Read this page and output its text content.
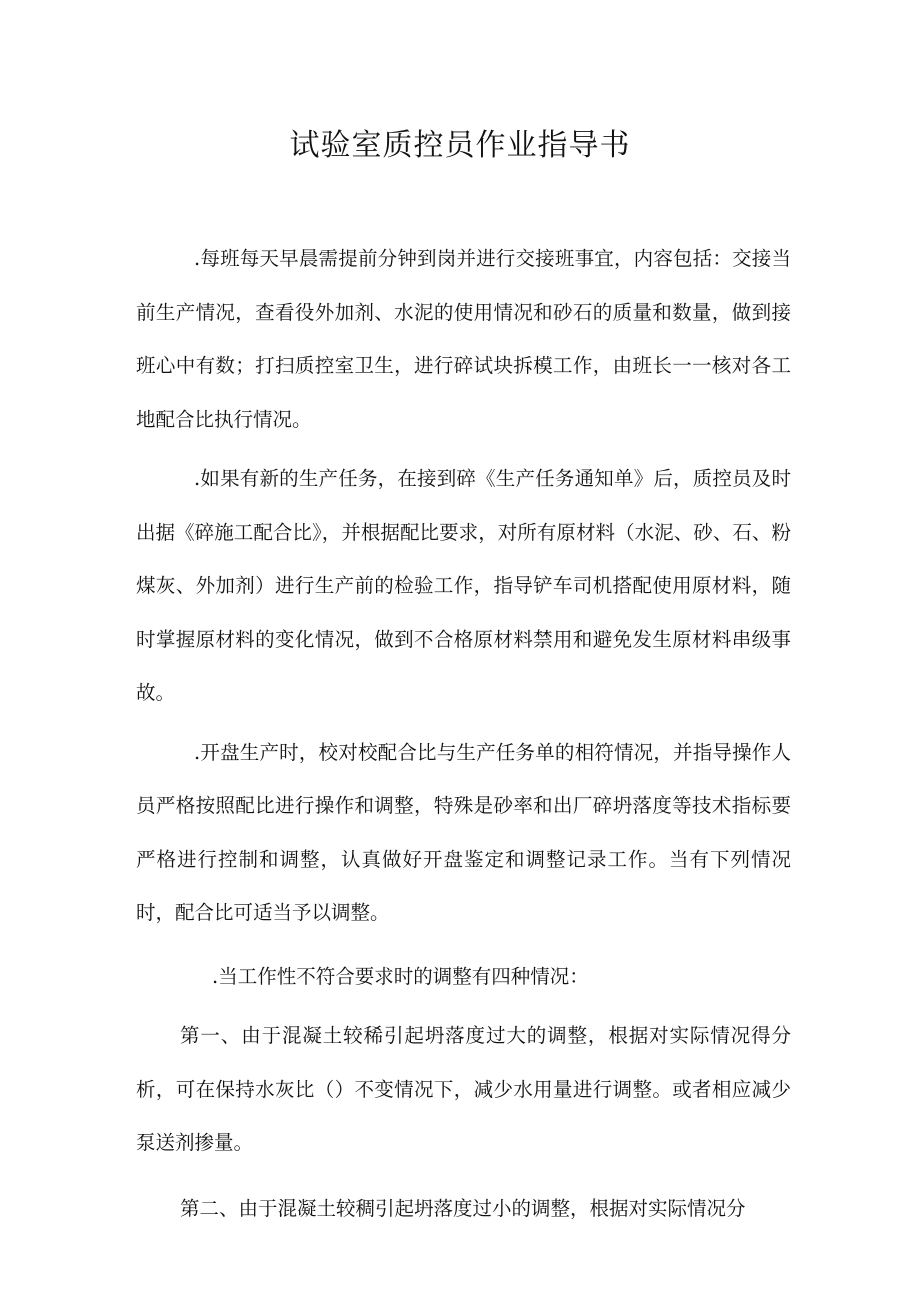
试验室质控员作业指导书

.每班每天早晨需提前分钟到岗并进行交接班事宜，内容包括：交接当前生产情况，查看役外加剂、水泥的使用情况和砂石的质量和数量，做到接班心中有数；打扫质控室卫生，进行碎试块拆模工作，由班长一一核对各工地配合比执行情况。

.如果有新的生产任务，在接到碎《生产任务通知单》后，质控员及时出据《碎施工配合比》，并根据配比要求，对所有原材料（水泥、砂、石、粉煤灰、外加剂）进行生产前的检验工作，指导铲车司机搭配使用原材料，随时掌握原材料的变化情况，做到不合格原材料禁用和避免发生原材料串级事故。

.开盘生产时，校对校配合比与生产任务单的相符情况，并指导操作人员严格按照配比进行操作和调整，特殊是砂率和出厂碎坍落度等技术指标要严格进行控制和调整，认真做好开盘鉴定和调整记录工作。当有下列情况时，配合比可适当予以调整。

.当工作性不符合要求时的调整有四种情况：

第一、由于混凝土较稀引起坍落度过大的调整，根据对实际情况得分析，可在保持水灰比（）不变情况下，减少水用量进行调整。或者相应减少泵送剂掺量。

第二、由于混凝土较稠引起坍落度过小的调整，根据对实际情况分
